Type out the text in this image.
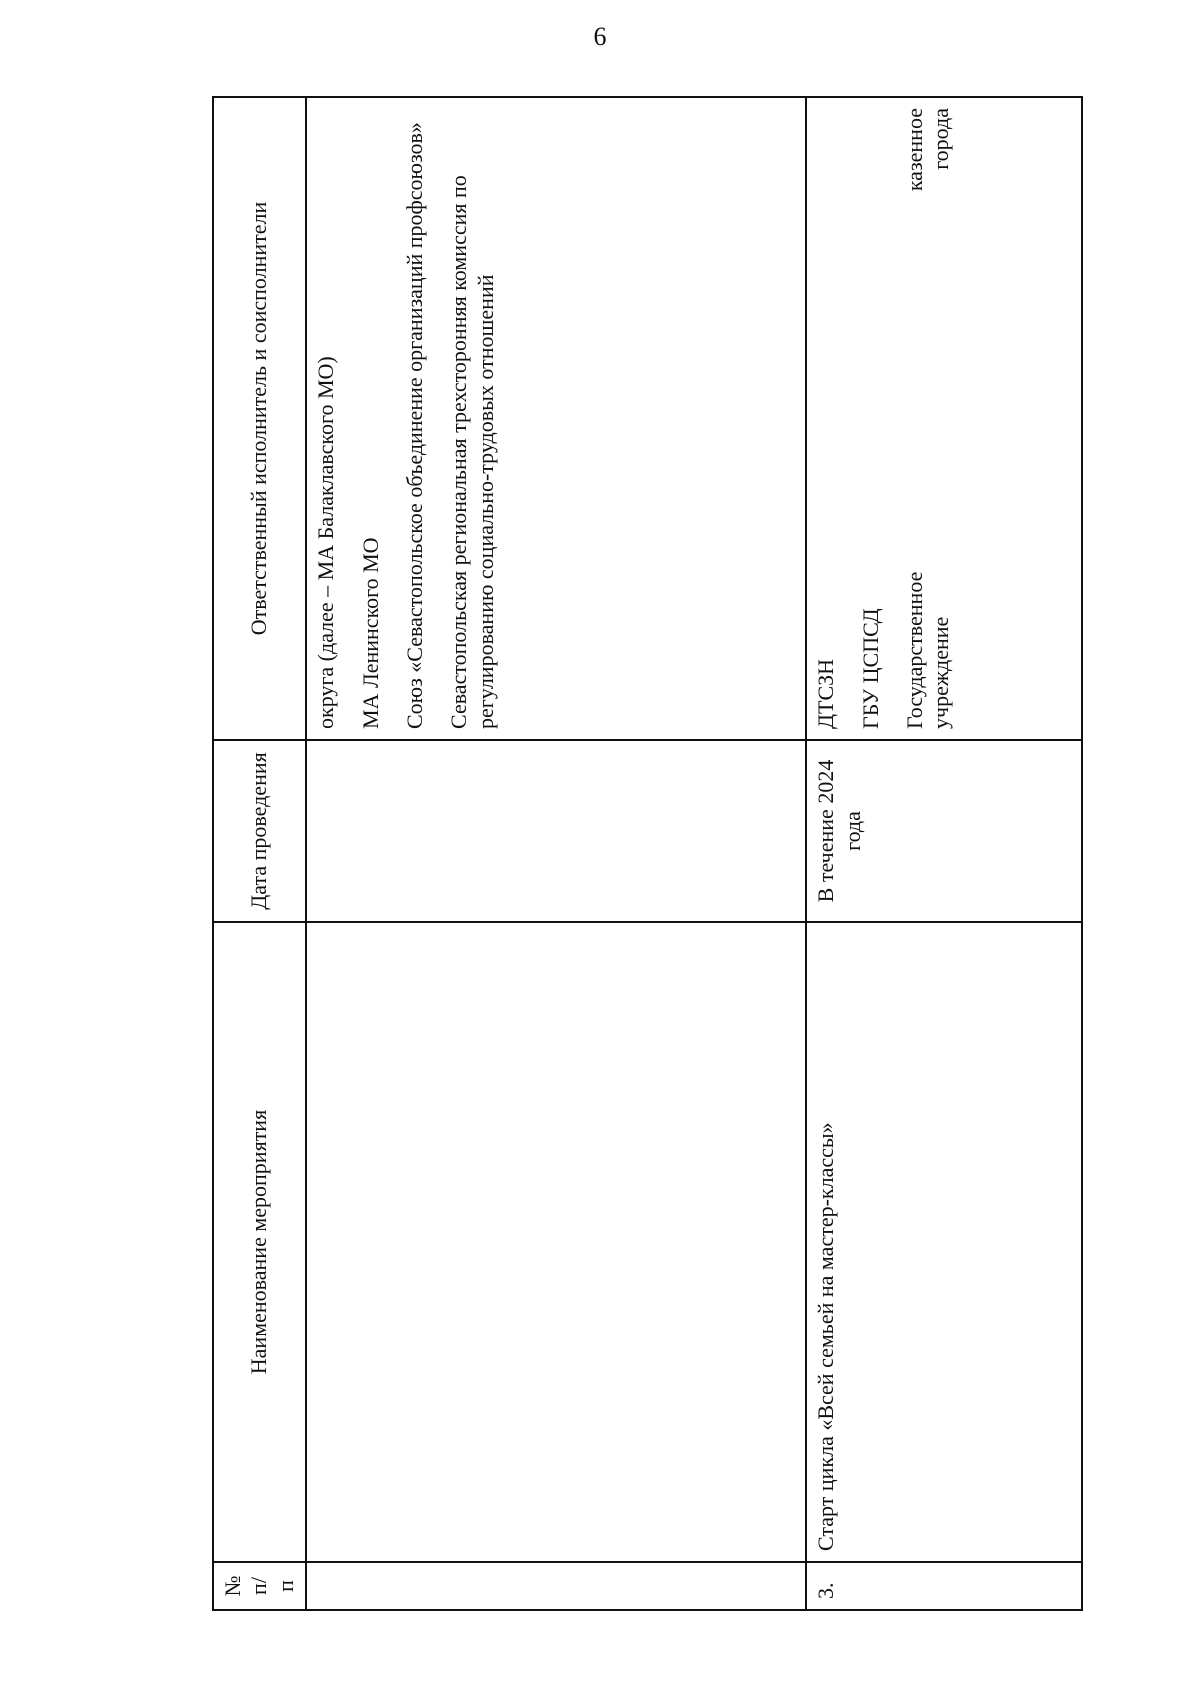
6
№ п/п	Наименование мероприятия	Дата проведения	Ответственный исполнитель и соисполнители

			округа (далее – МА Балаклавского МО) МА Ленинского МО Союз «Севастопольское объединение организаций профсоюзов» Севастопольская региональная трехсторонняя комиссия по регулированию социально-трудовых отношений

3.	Старт цикла «Всей семьей на мастер-классы»	В течение 2024 года	ДТСЗН ГБУ ЦСПСД Государственное казенное учреждение города
